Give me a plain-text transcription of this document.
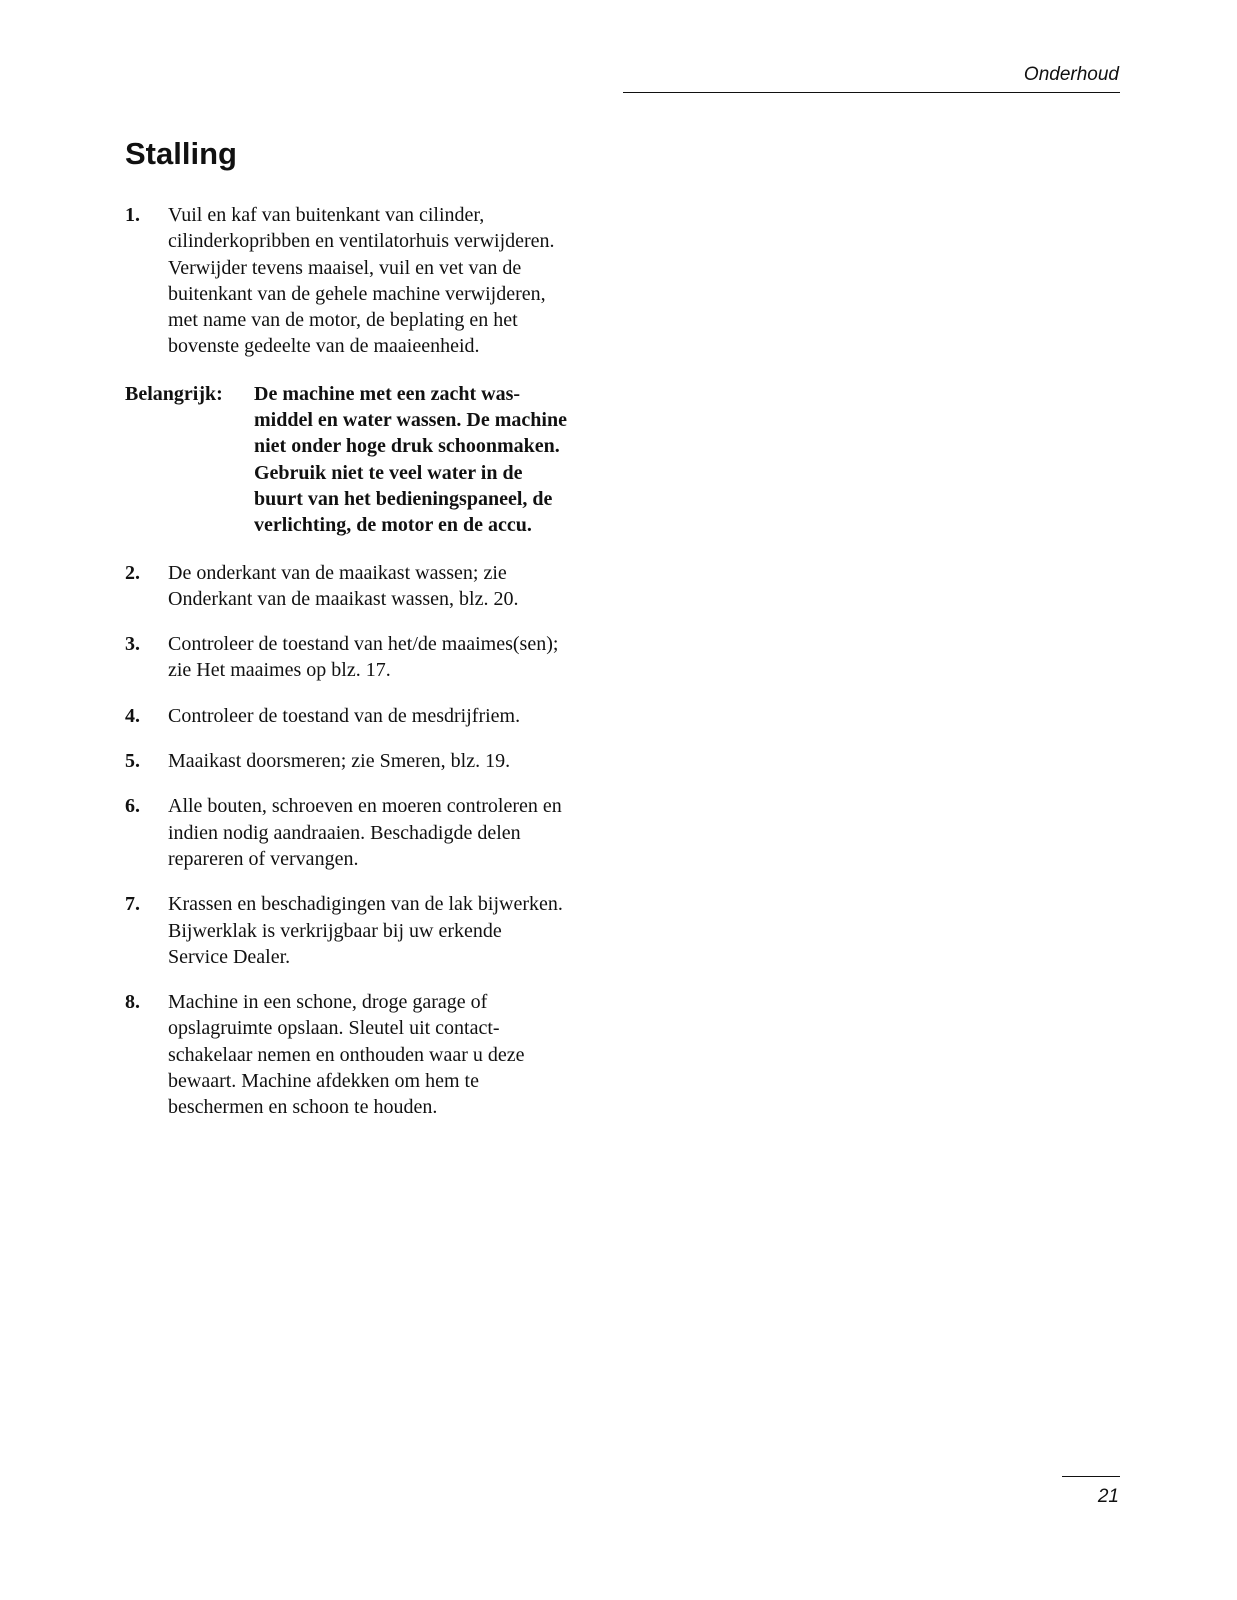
Onderhoud
Stalling
1.	Vuil en kaf van buitenkant van cilinder,
cilinderkopribben en ventilatorhuis verwijderen.
Verwijder tevens maaisel, vuil en vet van de
buitenkant van de gehele machine verwijderen,
met name van de motor, de beplating en het
bovenste gedeelte van de maaieenheid.
Belangrijk:	De machine met een zacht was-
middel en water wassen. De machine
niet onder hoge druk schoonmaken.
Gebruik niet te veel water in de
buurt van het bedieningspaneel, de
verlichting, de motor en de accu.
2.	De onderkant van de maaikast wassen; zie
Onderkant van de maaikast wassen, blz. 20.
3.	Controleer de toestand van het/de maaimes(sen);
zie Het maaimes op blz. 17.
4.	Controleer de toestand van de mesdrijfriem.
5.	Maaikast doorsmeren; zie Smeren, blz. 19.
6.	Alle bouten, schroeven en moeren controleren en
indien nodig aandraaien. Beschadigde delen
repareren of vervangen.
7.	Krassen en beschadigingen van de lak bijwerken.
Bijwerklak is verkrijgbaar bij uw erkende
Service Dealer.
8.	Machine in een schone, droge garage of
opslagruimte opslaan. Sleutel uit contact-
schakelaar nemen en onthouden waar u deze
bewaart. Machine afdekken om hem te
beschermen en schoon te houden.
21
